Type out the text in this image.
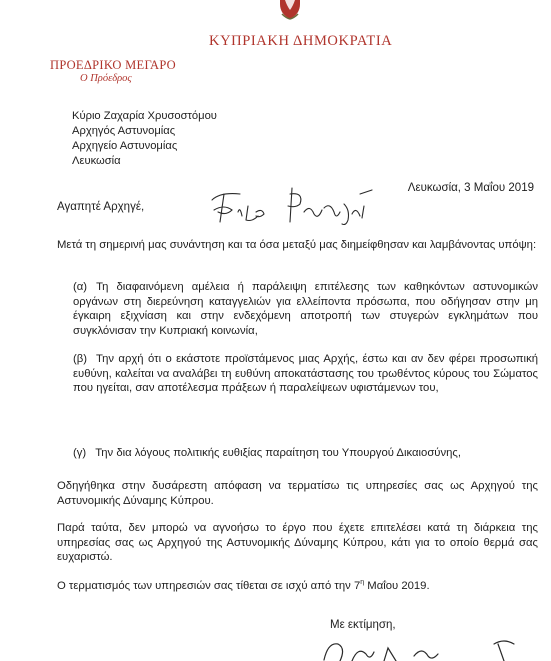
ΚΥΠΡΙΑΚΗ ΔΗΜΟΚΡΑΤΙΑ
ΠΡΟΕΔΡΙΚΟ ΜΕΓΑΡΟ
Ο Πρόεδρος
Κύριο Ζαχαρία Χρυσοστόμου
Αρχηγός Αστυνομίας
Αρχηγείο Αστυνομίας
Λευκωσία
Λευκωσία, 3 Μαΐου 2019
Αγαπητέ Αρχηγέ,

Μετά τη σημερινή μας συνάντηση και τα όσα μεταξύ μας διημείφθησαν και λαμβάνοντας υπόψη:

(α) Τη διαφαινόμενη αμέλεια ή παράλειψη επιτέλεσης των καθηκόντων αστυνομικών οργάνων στη διερεύνηση καταγγελιών για ελλείποντα πρόσωπα, που οδήγησαν στην μη έγκαιρη εξιχνίαση και στην ενδεχόμενη αποτροπή των στυγερών εγκλημάτων που συγκλόνισαν την Κυπριακή κοινωνία,

(β) Την αρχή ότι ο εκάστοτε προϊστάμενος μιας Αρχής, έστω και αν δεν φέρει προσωπική ευθύνη, καλείται να αναλάβει τη ευθύνη αποκατάστασης του τρωθέντος κύρους του Σώματος που ηγείται, σαν αποτέλεσμα πράξεων ή παραλείψεων υφιστάμενων του,

(γ) Την δια λόγους πολιτικής ευθιξίας παραίτηση του Υπουργού Δικαιοσύνης,

Οδηγήθηκα στην δυσάρεστη απόφαση να τερματίσω τις υπηρεσίες σας ως Αρχηγού της Αστυνομικής Δύναμης Κύπρου.

Παρά ταύτα, δεν μπορώ να αγνοήσω το έργο που έχετε επιτελέσει κατά τη διάρκεια της υπηρεσίας σας ως Αρχηγού της Αστυνομικής Δύναμης Κύπρου, κάτι για το οποίο θερμά σας ευχαριστώ.

Ο τερματισμός των υπηρεσιών σας τίθεται σε ισχύ από την $7^\eta$ Μαΐου 2019.

Με εκτίμηση,
